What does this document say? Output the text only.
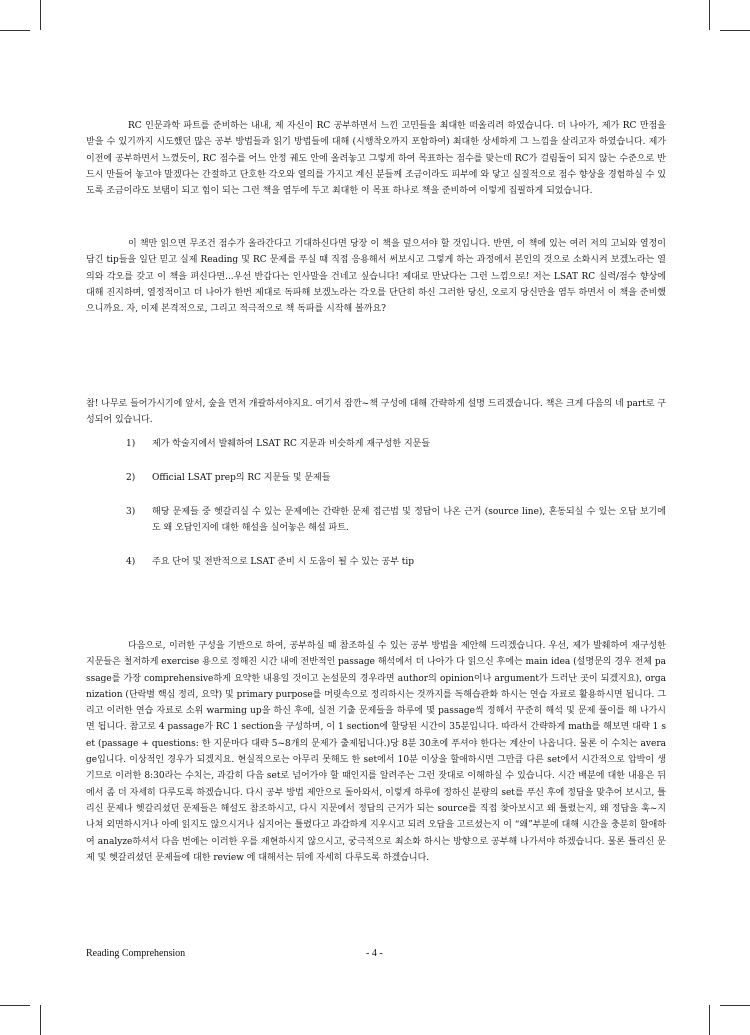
RC 인문과학 파트를 준비하는 내내, 제 자신이 RC 공부하면서 느낀 고민들을 최대한 떠올리려 하였습니다. 더 나아가, 제가 RC 만점을 받을 수 있기까지 시도했던 많은 공부 방법들과 읽기 방법들에 대해 (시행착오까지 포함하여) 최대한 상세하게 그 느낌을 살리고자 하였습니다. 제가 이전에 공부하면서 느꼈듯이, RC 점수를 어느 안정 궤도 안에 올려놓고 그렇게 하여 목표하는 점수를 맞는데 RC가 걸림돌이 되지 않는 수준으로 반드시 만들어 놓고야 말겠다는 간절하고 단호한 각오와 열의를 가지고 계신 분들께 조금이라도 피부에 와 닿고 실질적으로 점수 향상을 경험하실 수 있도록 조금이라도 보탬이 되고 힘이 되는 그런 책을 염두에 두고 최대한 이 목표 하나로 책을 준비하여 이렇게 집필하게 되었습니다.

이 책만 읽으면 무조건 점수가 올라간다고 기대하신다면 당장 이 책을 덮으셔야 할 것입니다. 반면, 이 책에 있는 여러 저의 고뇌와 열정이 담긴 tip들을 일단 믿고 실제 Reading 및 RC 문제를 푸실 때 직접 응용해서 써보시고 그렇게 하는 과정에서 본인의 것으로 소화시켜 보겠노라는 열의와 각오를 갖고 이 책을 펴신다면...우선 반갑다는 인사말을 건네고 싶습니다! 제대로 만났다는 그런 느낌으로! 저는 LSAT RC 실력/점수 향상에 대해 진지하며, 열정적이고 더 나아가 한번 제대로 독파해 보겠노라는 각오를 단단히 하신 그러한 당신, 오로지 당신만을 염두 하면서 이 책을 준비했으니까요. 자, 이제 본격적으로, 그리고 적극적으로 책 독파를 시작해 볼까요?

참! 나무로 들어가시기에 앞서, 숲을 먼저 개괄하셔야지요. 여기서 잠깐~책 구성에 대해 간략하게 설명 드리겠습니다. 책은 크게 다음의 네 part로 구성되어 있습니다.

1)	제가 학술지에서 발췌하여 LSAT RC 지문과 비슷하게 재구성한 지문들
2)	Official LSAT prep의 RC 지문들 및 문제들
3)	해당 문제들 중 헷갈리실 수 있는 문제에는 간략한 문제 접근법 및 정답이 나온 근거 (source line), 혼동되실 수 있는 오답 보기에도 왜 오답인지에 대한 해설을 실어놓은 해설 파트.
4)	주요 단어 및 전반적으로 LSAT 준비 시 도움이 될 수 있는 공부 tip

다음으로, 이러한 구성을 기반으로 하여, 공부하실 때 참조하실 수 있는 공부 방법을 제안해 드리겠습니다. 우선, 제가 발췌하여 재구성한 지문들은 철저하게 exercise 용으로 정해진 시간 내에 전반적인 passage 해석에서 더 나아가 다 읽으신 후에는 main idea (설명문의 경우 전체 passage를 가장 comprehensive하게 요약한 내용일 것이고 논설문의 경우라면 author의 opinion이나 argument가 드러난 곳이 되겠지요), organization (단락별 핵심 정리, 요약) 및 primary purpose를 머릿속으로 정리하시는 것까지를 독해습관화 하시는 연습 자료로 활용하시면 됩니다. 그리고 이러한 연습 자료로 소위 warming up을 하신 후에, 실전 기출 문제들을 하루에 몇 passage씩 정해서 꾸준히 해석 및 문제 풀이를 해 나가시면 됩니다. 참고로 4 passage가 RC 1 section을 구성하며, 이 1 section에 할당된 시간이 35분입니다. 따라서 간략하게 math를 해보면 대략 1 set (passage + questions: 한 지문마다 대략 5~8개의 문제가 출제됩니다.)당 8분 30초에 푸셔야 한다는 계산이 나옵니다. 물론 이 수치는 average입니다. 이상적인 경우가 되겠지요. 현실적으로는 아무리 못해도 한 set에서 10분 이상을 할애하시면 그만큼 다른 set에서 시간적으로 압박이 생기므로 이러한 8:30라는 수치는, 과감히 다음 set로 넘어가야 할 때인지를 알려주는 그런 잣대로 이해하실 수 있습니다. 시간 배분에 대한 내용은 뒤에서 좀 더 자세히 다루도록 하겠습니다. 다시 공부 방법 제안으로 돌아와서, 이렇게 하루에 정하신 분량의 set를 푸신 후에 정답을 맞추어 보시고, 틀리신 문제나 헷갈리셨던 문제들은 해설도 참조하시고, 다시 지문에서 정답의 근거가 되는 source를 직접 찾아보시고 왜 틀렸는지, 왜 정답을 훅~지나쳐 외면하시거나 아예 읽지도 않으시거나 심지어는 틀렸다고 과감하게 지우시고 되려 오답을 고르셨는지 이 “왜”부분에 대해 시간을 충분히 할애하여 analyze하셔서 다음 번에는 이러한 우를 재현하시지 않으시고, 궁극적으로 최소화 하시는 방향으로 공부해 나가셔야 하겠습니다. 물론 틀리신 문제 및 헷갈리셨던 문제들에 대한 review 에 대해서는 뒤에 자세히 다루도록 하겠습니다.

Reading Comprehension	- 4 -
